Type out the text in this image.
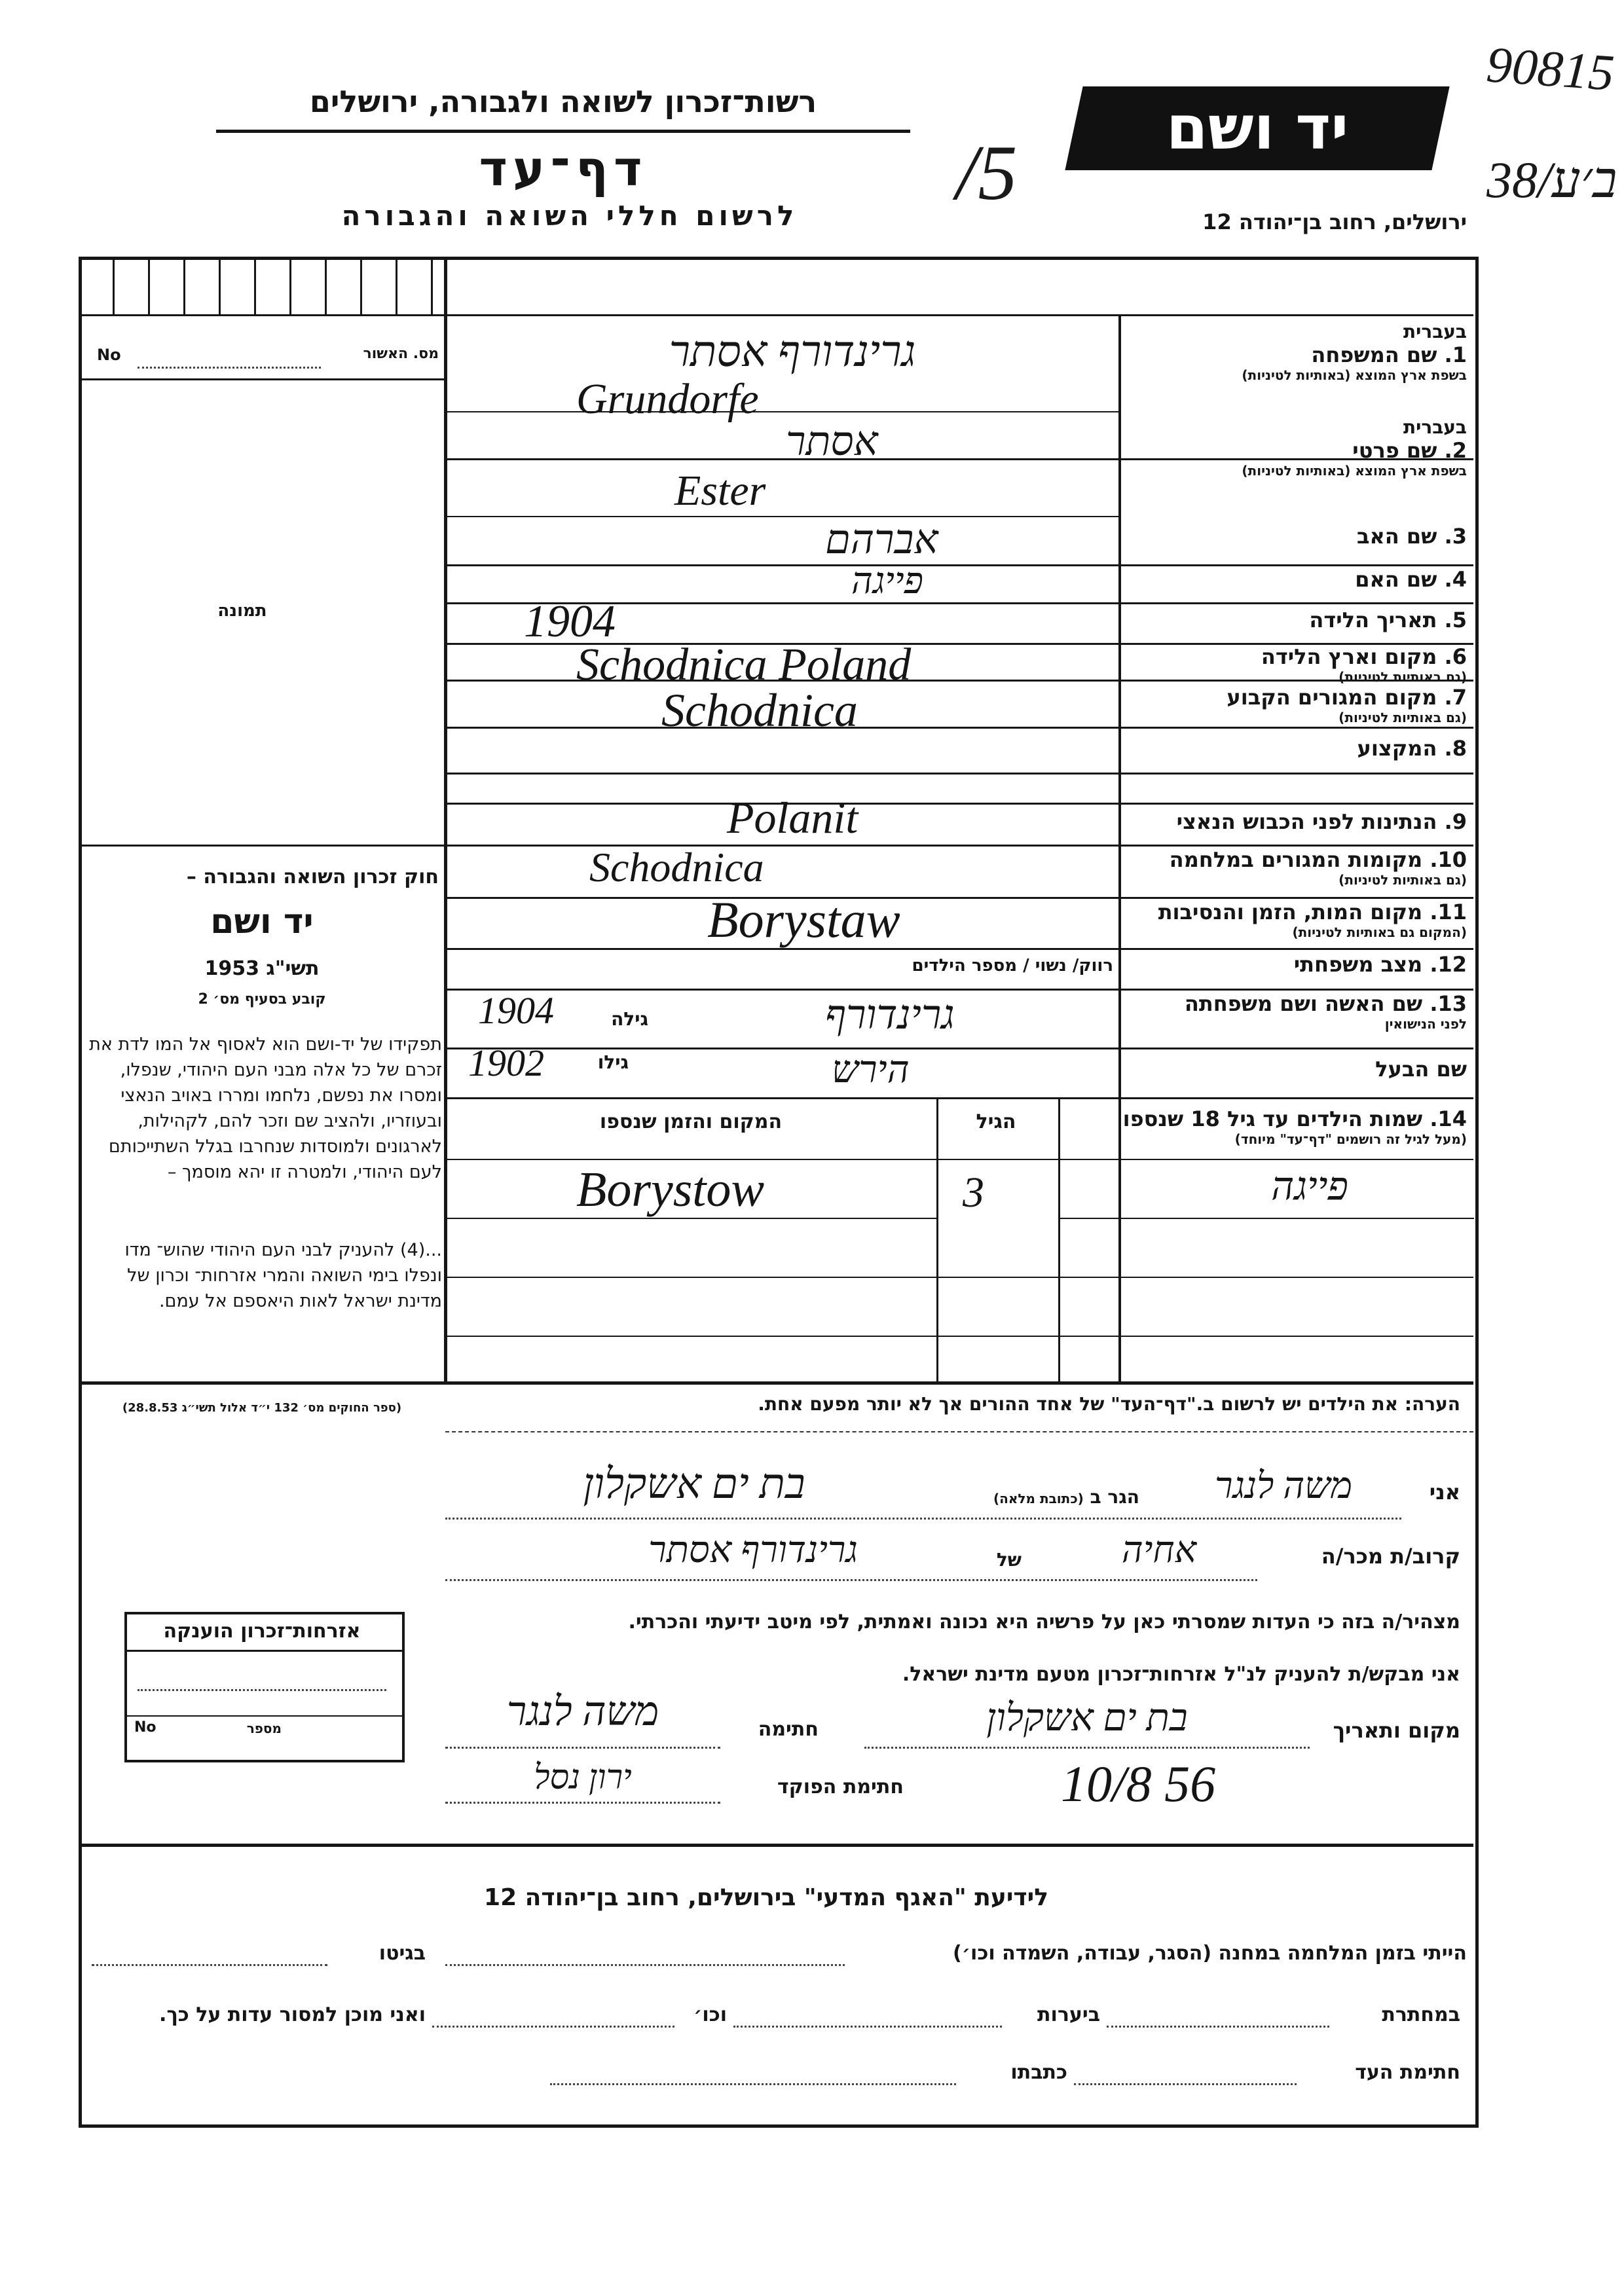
רשות־זכרון לשואה ולגבורה, ירושלים
דף־עד
לרשום חללי השואה והגבורה
יד ושם
ירושלים, רחוב בן־יהודה 12
90815
38/ב׳ע
/5
מס. האשור
No
תמונה
חוק זכרון השואה והגבורה –
יד ושם
תשי"ג 1953
קובע בסעיף מס׳ 2
תפקידו של יד-ושם הוא לאסוף אל המו לדת את זכרם של כל אלה מבני העם היהודי, שנפלו, ומסרו את נפשם, נלחמו ומררו באויב הנאצי ובעוזריו, ולהציב שם וזכר להם, לקהילות, לארגונים ולמוסדות שנחרבו בגלל השתייכותם לעם היהודי, ולמטרה זו יהא מוסמך –
...(4) להעניק לבני העם היהודי שהוש־ מדו ונפלו בימי השואה והמרי אזרחות־ וכרון של מדינת ישראל לאות היאספם אל עמם.
(ספר החוקים מס׳ 132 י״ד אלול תשי״ג 28.8.53)
בעברית
1. שם המשפחה
בשפת ארץ המוצא (באותיות לטיניות)
גרינדורף אסתר
Grundorfe
בעברית
2. שם פרטי
בשפת ארץ המוצא (באותיות לטיניות)
אסתר
Ester
3. שם האב
אברהם
4. שם האם
פייגה
5. תאריך הלידה
1904
6. מקום וארץ הלידה
(גם באותיות לטיניות)
Schodnica Poland
7. מקום המגורים הקבוע
(גם באותיות לטיניות)
Schodnica
8. המקצוע
9. הנתינות לפני הכבוש הנאצי
Polanit
10. מקומות המגורים במלחמה
(גם באותיות לטיניות)
Schodnica
11. מקום המות, הזמן והנסיבות
(המקום גם באותיות לטיניות)
Borystaw
12. מצב משפחתי
רווק/ נשוי / מספר הילדים
13. שם האשה ושם משפחתה
לפני הנישואין
גרינדורף
גילה
1904
שם הבעל
הירש
גילו
1902
14. שמות הילדים עד גיל 18 שנספו
(מעל לגיל זה רושמים "דף־עד" מיוחד)
הגיל
המקום והזמן שנספו
פייגה
3
Borystow
הערה: את הילדים יש לרשום ב."דף־העד" של אחד ההורים אך לא יותר מפעם אחת.
אני
משה לנגר
הגר ב (כתובת מלאה)
בת ים אשקלון
קרוב/ת מכר/ה
אחיה
של
גרינדורף אסתר
מצהיר/ה בזה כי העדות שמסרתי כאן על פרשיה היא נכונה ואמתית, לפי מיטב ידיעתי והכרתי.
אני מבקש/ת להעניק לנ"ל אזרחות־זכרון מטעם מדינת ישראל.
מקום ותאריך
בת ים אשקלון
חתימה
משה לנגר
10/8 56
חתימת הפוקד
ירון נסל
אזרחות־זכרון הוענקה
מספר
No
לידיעת "האגף המדעי" בירושלים, רחוב בן־יהודה 12
הייתי בזמן המלחמה במחנה (הסגר, עבודה, השמדה וכו׳)
בגיטו
במחתרת
ביערות
וכו׳
ואני מוכן למסור עדות על כך.
חתימת העד
כתבתו
